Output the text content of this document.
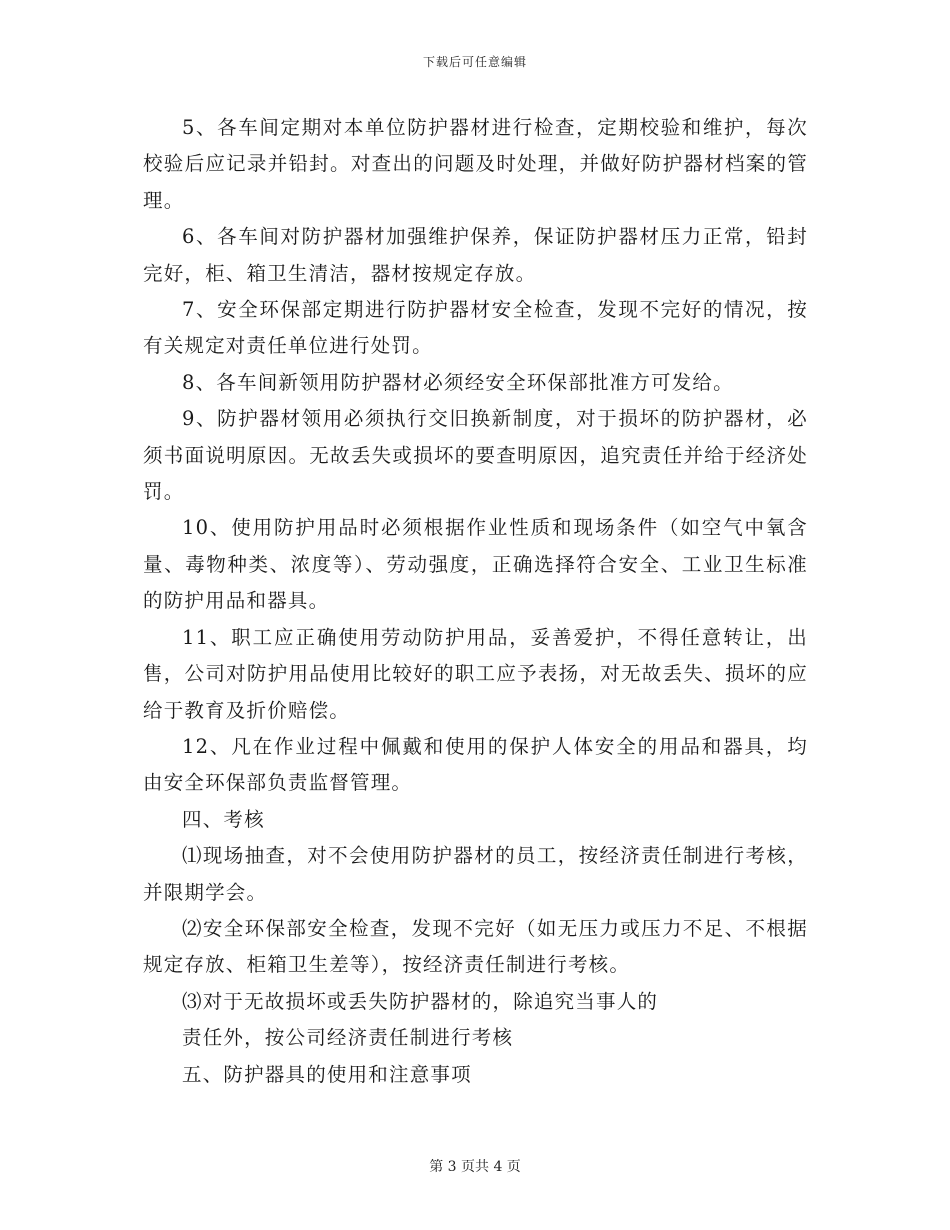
下载后可任意编辑

5、各车间定期对本单位防护器材进行检查，定期校验和维护，每次校验后应记录并铅封。对查出的问题及时处理，并做好防护器材档案的管理。

6、各车间对防护器材加强维护保养，保证防护器材压力正常，铅封完好，柜、箱卫生清洁，器材按规定存放。

7、安全环保部定期进行防护器材安全检查，发现不完好的情况，按有关规定对责任单位进行处罚。

8、各车间新领用防护器材必须经安全环保部批准方可发给。

9、防护器材领用必须执行交旧换新制度，对于损坏的防护器材，必须书面说明原因。无故丢失或损坏的要查明原因，追究责任并给于经济处罚。

10、使用防护用品时必须根据作业性质和现场条件（如空气中氧含量、毒物种类、浓度等）、劳动强度，正确选择符合安全、工业卫生标准的防护用品和器具。

11、职工应正确使用劳动防护用品，妥善爱护，不得任意转让，出售，公司对防护用品使用比较好的职工应予表扬，对无故丢失、损坏的应给于教育及折价赔偿。

12、凡在作业过程中佩戴和使用的保护人体安全的用品和器具，均由安全环保部负责监督管理。

四、考核

⑴现场抽查，对不会使用防护器材的员工，按经济责任制进行考核，并限期学会。

⑵安全环保部安全检查，发现不完好（如无压力或压力不足、不根据规定存放、柜箱卫生差等），按经济责任制进行考核。

⑶对于无故损坏或丢失防护器材的，除追究当事人的

责任外，按公司经济责任制进行考核

五、防护器具的使用和注意事项

第 3 页共 4 页
